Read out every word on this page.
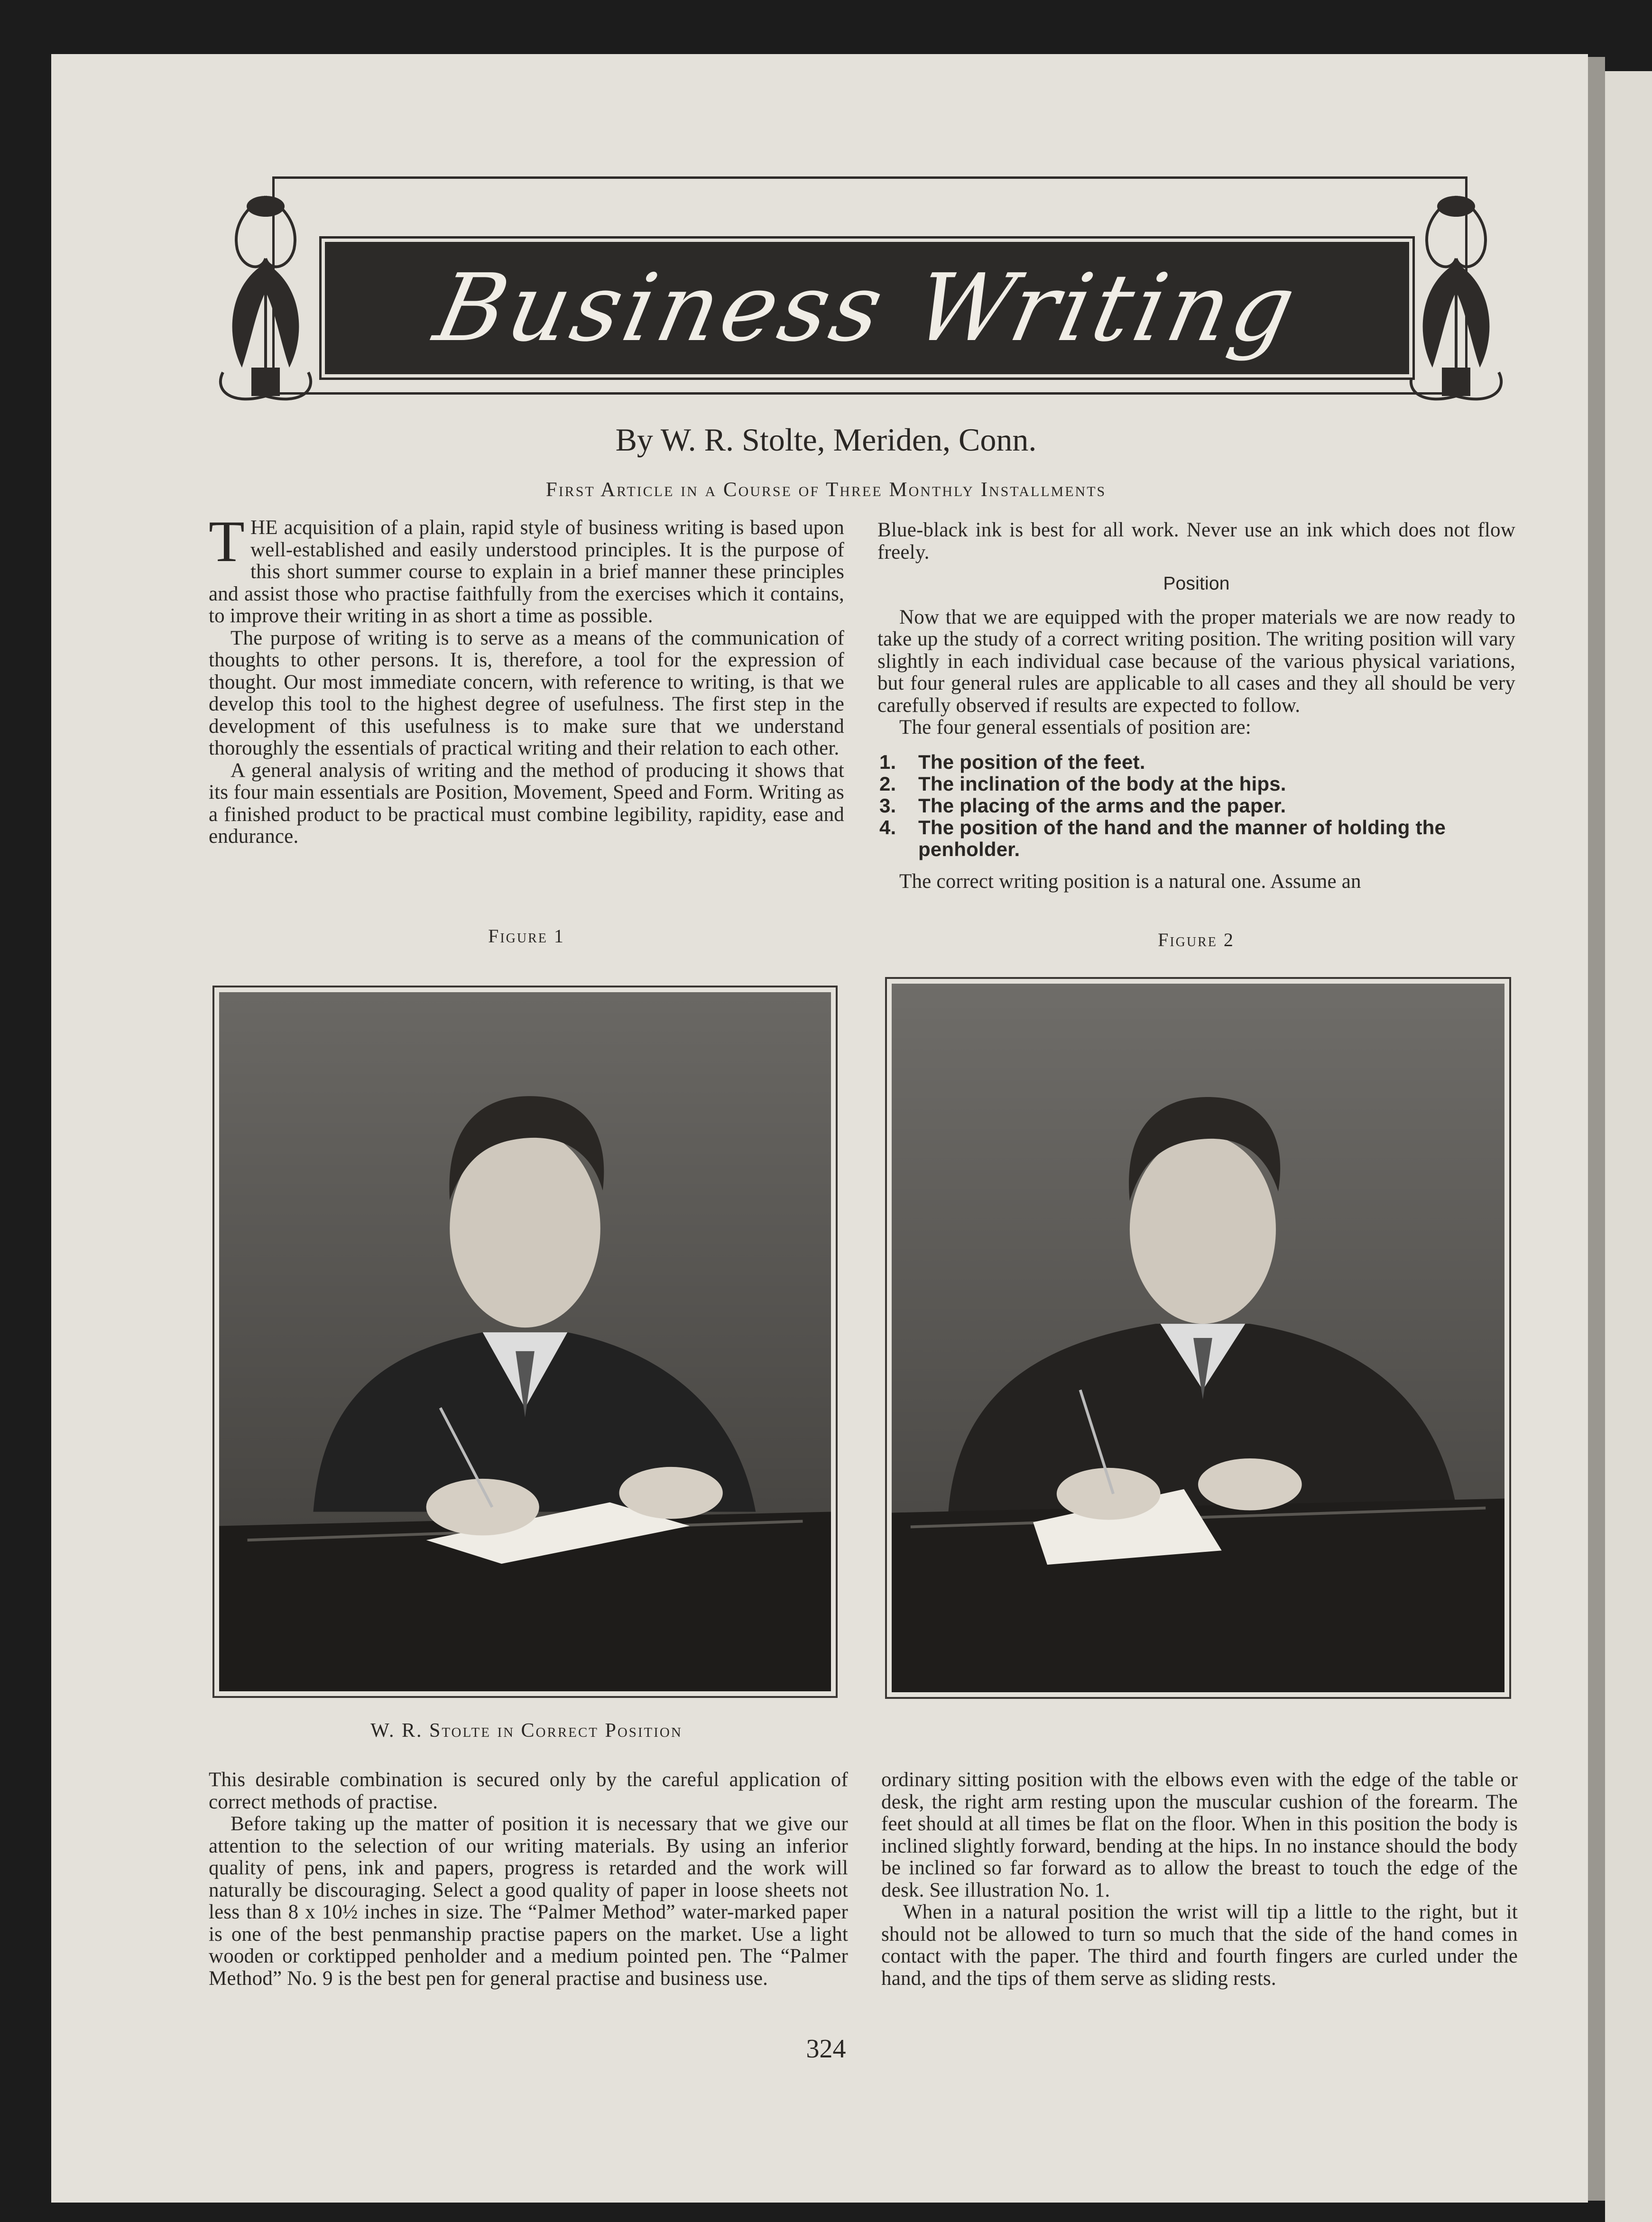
Business Writing
By W. R. Stolte, Meriden, Conn.
First Article in a Course of Three Monthly Installments

THE acquisition of a plain, rapid style of business writing is based upon well-established and easily understood principles. It is the purpose of this short summer course to explain in a brief manner these principles and assist those who practise faithfully from the exercises which it contains, to improve their writing in as short a time as possible.

The purpose of writing is to serve as a means of the communication of thoughts to other persons. It is, therefore, a tool for the expression of thought. Our most immediate concern, with reference to writing, is that we develop this tool to the highest degree of usefulness. The first step in the development of this usefulness is to make sure that we understand thoroughly the essentials of practical writing and their relation to each other.

A general analysis of writing and the method of producing it shows that its four main essentials are Position, Movement, Speed and Form. Writing as a finished product to be practical must combine legibility, rapidity, ease and endurance.

Blue-black ink is best for all work. Never use an ink which does not flow freely.

Position

Now that we are equipped with the proper materials we are now ready to take up the study of a correct writing position. The writing position will vary slightly in each individual case because of the various physical variations, but four general rules are applicable to all cases and they all should be very carefully observed if results are expected to follow.

The four general essentials of position are:

1.	The position of the feet.
2.	The inclination of the body at the hips.
3.	The placing of the arms and the paper.
4.	The position of the hand and the manner of holding the penholder.

The correct writing position is a natural one. Assume an

Figure 1	Figure 2
W. R. Stolte in Correct Position

This desirable combination is secured only by the careful application of correct methods of practise.

Before taking up the matter of position it is necessary that we give our attention to the selection of our writing materials. By using an inferior quality of pens, ink and papers, progress is retarded and the work will naturally be discouraging. Select a good quality of paper in loose sheets not less than 8 x 10½ inches in size. The “Palmer Method” water-marked paper is one of the best penmanship practise papers on the market. Use a light wooden or corktipped penholder and a medium pointed pen. The “Palmer Method” No. 9 is the best pen for general practise and business use.

ordinary sitting position with the elbows even with the edge of the table or desk, the right arm resting upon the muscular cushion of the forearm. The feet should at all times be flat on the floor. When in this position the body is inclined slightly forward, bending at the hips. In no instance should the body be inclined so far forward as to allow the breast to touch the edge of the desk. See illustration No. 1.

When in a natural position the wrist will tip a little to the right, but it should not be allowed to turn so much that the side of the hand comes in contact with the paper. The third and fourth fingers are curled under the hand, and the tips of them serve as sliding rests.

324
